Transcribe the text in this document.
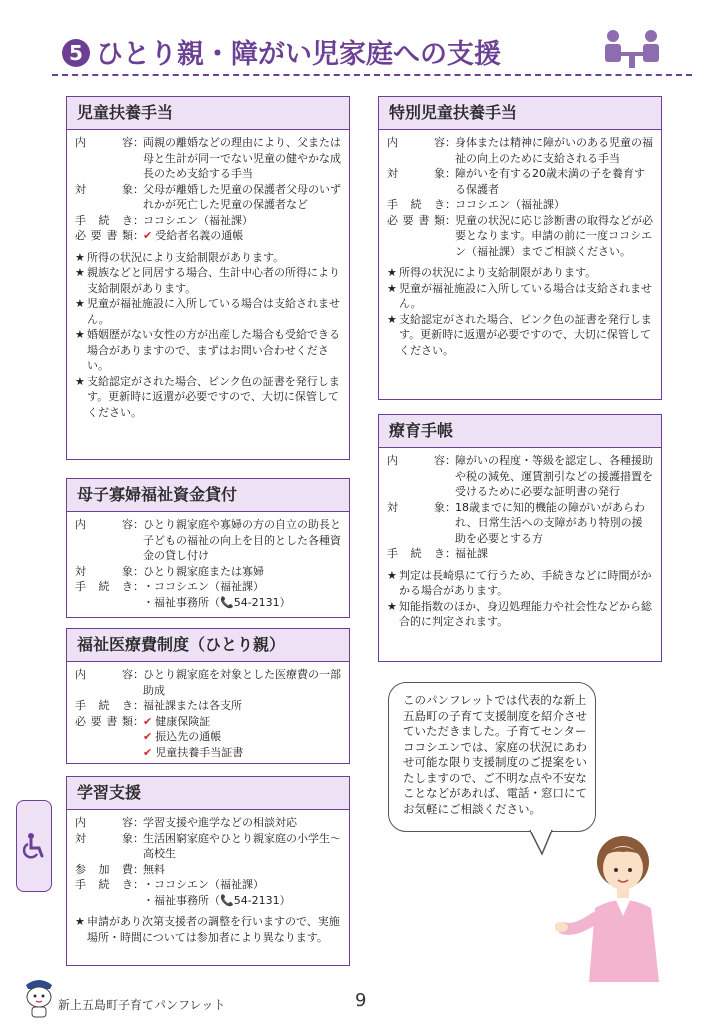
5 ひとり親・障がい児家庭への支援
児童扶養手当
内容 ： 両親の離婚などの理由により、父または母と生計が同一でない児童の健やかな成長のため支給する手当
対象 ： 父母が離婚した児童の保護者父母のいずれかが死亡した児童の保護者など
手続き ： ココシエン（福祉課）
必要書類 ： ✔ 受給者名義の通帳
★ 所得の状況により支給制限があります。
★ 親族などと同居する場合、生計中心者の所得により支給制限があります。
★ 児童が福祉施設に入所している場合は支給されません。
★ 婚姻歴がない女性の方が出産した場合も受給できる場合がありますので、まずはお問い合わせください。
★ 支給認定がされた場合、ピンク色の証書を発行します。更新時に返還が必要ですので、大切に保管してください。
母子寡婦福祉資金貸付
内容 ： ひとり親家庭や寡婦の方の自立の助長と子どもの福祉の向上を目的とした各種資金の貸し付け
対象 ： ひとり親家庭または寡婦
手続き ： ・ココシエン（福祉課）
・福祉事務所（📞54-2131）
福祉医療費制度（ひとり親）
内容 ： ひとり親家庭を対象とした医療費の一部助成
手続き ： 福祉課または各支所
必要書類 ： ✔ 健康保険証
✔ 振込先の通帳
✔ 児童扶養手当証書
学習支援
内容 ： 学習支援や進学などの相談対応
対象 ： 生活困窮家庭やひとり親家庭の小学生～高校生
参加費 ： 無料
手続き ： ・ココシエン（福祉課）
・福祉事務所（📞54-2131）
★ 申請があり次第支援者の調整を行いますので、実施場所・時間については参加者により異なります。
特別児童扶養手当
内容 ： 身体または精神に障がいのある児童の福祉の向上のために支給される手当
対象 ： 障がいを有する20歳未満の子を養育する保護者
手続き ： ココシエン（福祉課）
必要書類 ： 児童の状況に応じ診断書の取得などが必要となります。申請の前に一度ココシエン（福祉課）までご相談ください。
★ 所得の状況により支給制限があります。
★ 児童が福祉施設に入所している場合は支給されません。
★ 支給認定がされた場合、ピンク色の証書を発行します。更新時に返還が必要ですので、大切に保管してください。
療育手帳
内容 ： 障がいの程度・等級を認定し、各種援助や税の減免、運賃割引などの援護措置を受けるために必要な証明書の発行
対象 ： 18歳までに知的機能の障がいがあらわれ、日常生活への支障があり特別の援助を必要とする方
手続き ： 福祉課
★ 判定は長崎県にて行うため、手続きなどに時間がかかる場合があります。
★ 知能指数のほか、身辺処理能力や社会性などから総合的に判定されます。
このパンフレットでは代表的な新上五島町の子育て支援制度を紹介させていただきました。子育てセンターココシエンでは、家庭の状況にあわせ可能な限り支援制度のご提案をいたしますので、ご不明な点や不安なことなどがあれば、電話・窓口にてお気軽にご相談ください。
新上五島町子育てパンフレット	9
